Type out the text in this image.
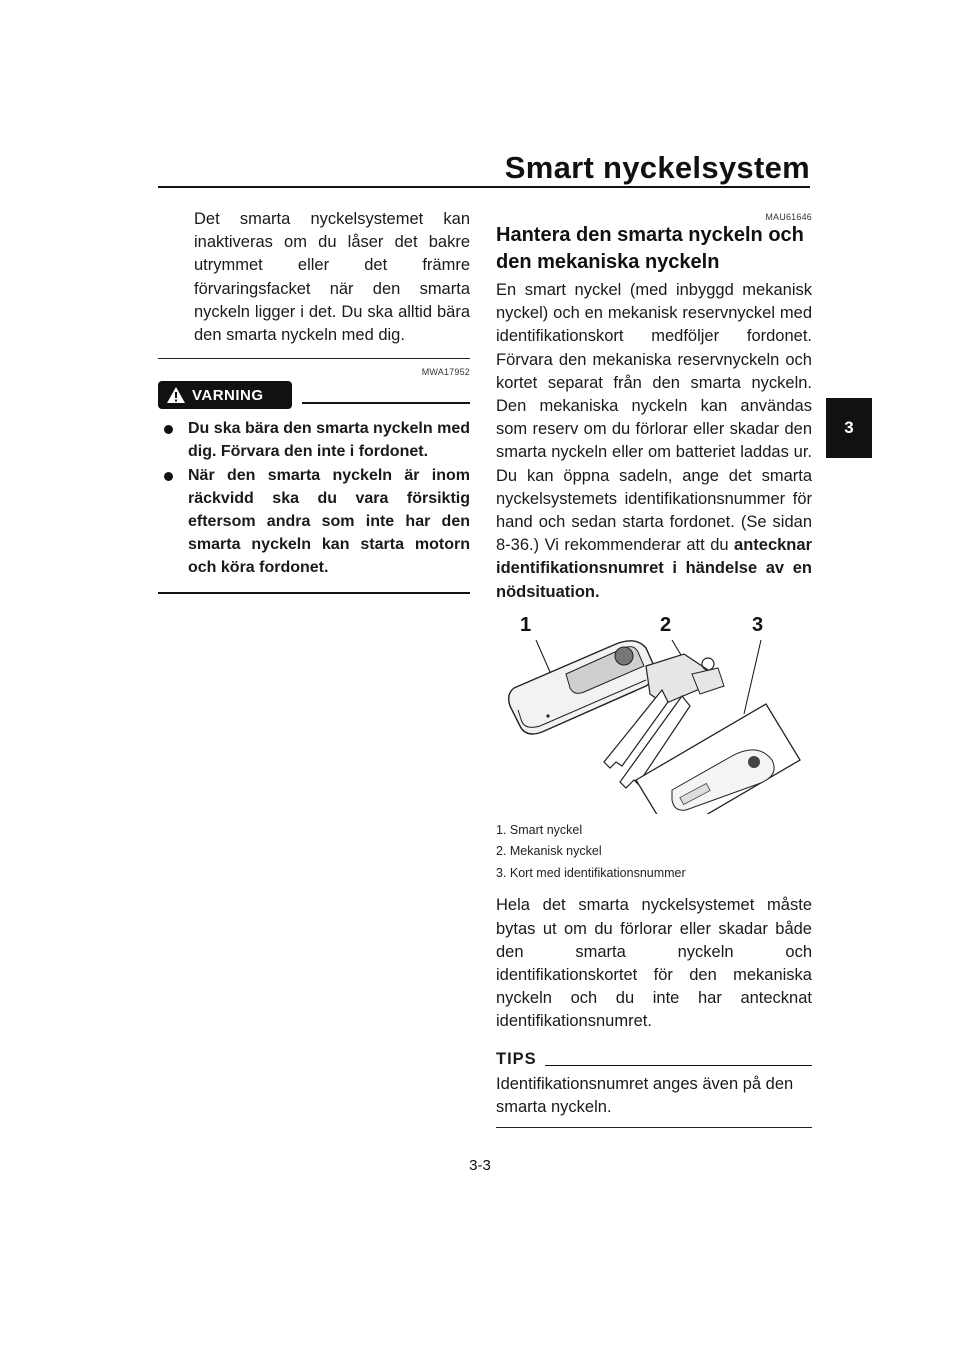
Smart nyckelsystem
3

Det smarta nyckelsystemet kan inaktiveras om du låser det bakre utrymmet eller det främre förvaringsfacket när den smarta nyckeln ligger i det. Du ska alltid bära den smarta nyckeln med dig.

MWA17952
VARNING
Du ska bära den smarta nyckeln med dig. Förvara den inte i fordonet.
När den smarta nyckeln är inom räckvidd ska du vara försiktig eftersom andra som inte har den smarta nyckeln kan starta motorn och köra fordonet.
MAU61646
Hantera den smarta nyckeln och den mekaniska nyckeln

En smart nyckel (med inbyggd mekanisk nyckel) och en mekanisk reservnyckel med identifikationskort medföljer fordonet. Förvara den mekaniska reservnyckeln och kortet separat från den smarta nyckeln. Den mekaniska nyckeln kan användas som reserv om du förlorar eller skadar den smarta nyckeln eller om batteriet laddas ur. Du kan öppna sadeln, ange det smarta nyckelsystemets identifikationsnummer för hand och sedan starta fordonet. (Se sidan 8-36.) Vi rekommenderar att du antecknar identifikationsnumret i händelse av en nödsituation.

1	2	3
1. Smart nyckel
2. Mekanisk nyckel
3. Kort med identifikationsnummer

Hela det smarta nyckelsystemet måste bytas ut om du förlorar eller skadar både den smarta nyckeln och identifikationskortet för den mekaniska nyckeln och du inte har antecknat identifikationsnumret.

TIPS

Identifikationsnumret anges även på den smarta nyckeln.

3-3
